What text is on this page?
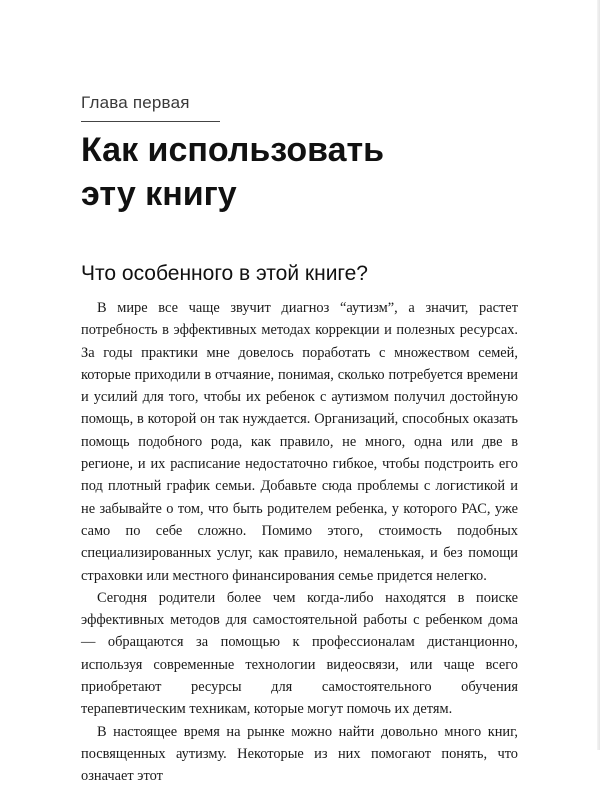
Глава первая
Как использовать
эту книгу
Что особенного в этой книге?

В мире все чаще звучит диагноз “аутизм”, а значит, растет потребность в эффективных методах коррекции и полезных ресурсах. За годы практики мне довелось поработать с множеством семей, которые приходили в отчаяние, понимая, сколько потребуется времени и усилий для того, чтобы их ребенок с аутизмом получил достойную помощь, в которой он так нуждается. Организаций, способных оказать помощь подобного рода, как правило, не много, одна или две в регионе, и их расписание недостаточно гибкое, чтобы подстроить его под плотный график семьи. Добавьте сюда проблемы с логистикой и не забывайте о том, что быть родителем ребенка, у которого РАС, уже само по себе сложно. Помимо этого, стоимость подобных специализированных услуг, как правило, немаленькая, и без помощи страховки или местного финансирования семье придется нелегко.

Сегодня родители более чем когда-либо находятся в поиске эффективных методов для самостоятельной работы с ребенком дома — обращаются за помощью к профессионалам дистанционно, используя современные технологии видеосвязи, или чаще всего приобретают ресурсы для самостоятельного обучения терапевтическим техникам, которые могут помочь их детям.

В настоящее время на рынке можно найти довольно много книг, посвященных аутизму. Некоторые из них помогают понять, что означает этот
